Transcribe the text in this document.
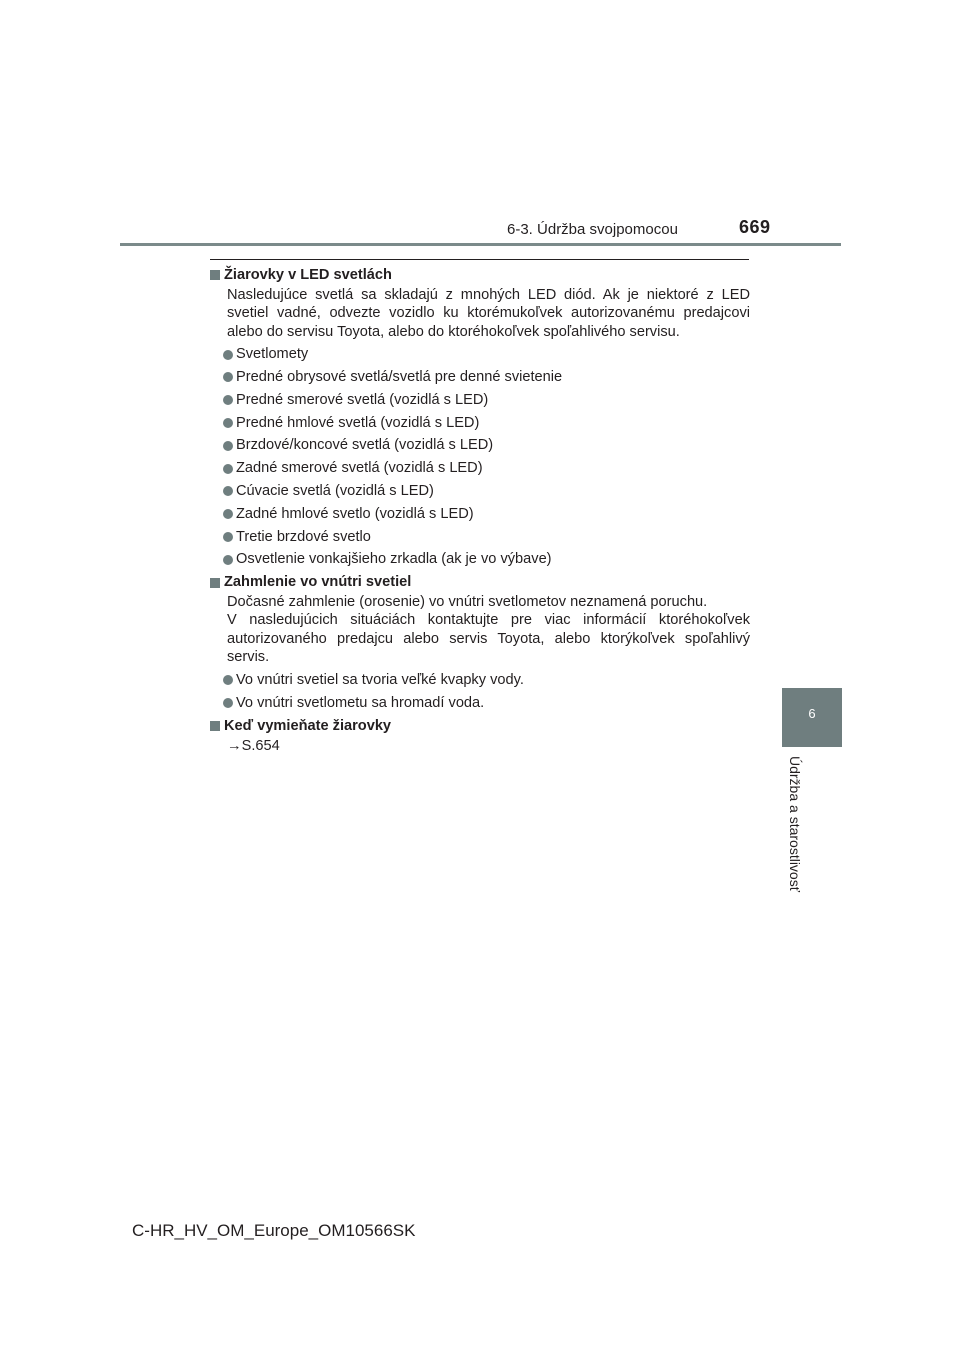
6-3. Údržba svojpomocou	669
6
Údržba a starostlivosť
Žiarovky v LED svetlách
Nasledujúce svetlá sa skladajú z mnohých LED diód. Ak je niektoré z LED svetiel vadné, odvezte vozidlo ku ktorémukoľvek autorizovanému predajcovi alebo do servisu Toyota, alebo do ktoréhokoľvek spoľahlivého servisu.
Svetlomety
Predné obrysové svetlá/svetlá pre denné svietenie
Predné smerové svetlá (vozidlá s LED)
Predné hmlové svetlá (vozidlá s LED)
Brzdové/koncové svetlá (vozidlá s LED)
Zadné smerové svetlá (vozidlá s LED)
Cúvacie svetlá (vozidlá s LED)
Zadné hmlové svetlo (vozidlá s LED)
Tretie brzdové svetlo
Osvetlenie vonkajšieho zrkadla (ak je vo výbave)
Zahmlenie vo vnútri svetiel
Dočasné zahmlenie (orosenie) vo vnútri svetlometov neznamená poruchu.
V nasledujúcich situáciách kontaktujte pre viac informácií ktoréhokoľvek autorizovaného predajcu alebo servis Toyota, alebo ktorýkoľvek spoľahlivý servis.
Vo vnútri svetiel sa tvoria veľké kvapky vody.
Vo vnútri svetlometu sa hromadí voda.
Keď vymieňate žiarovky
→S.654
C-HR_HV_OM_Europe_OM10566SK
